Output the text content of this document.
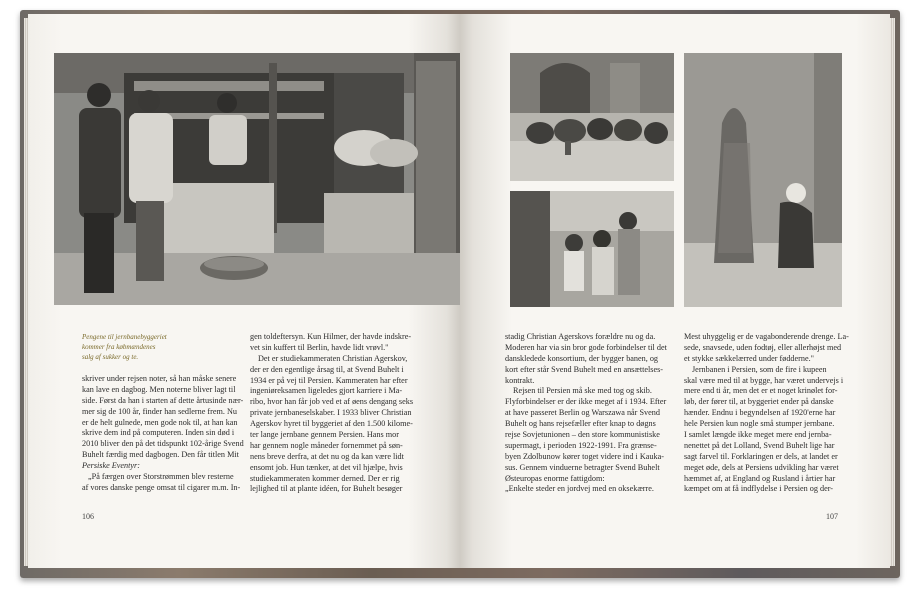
Pengene til jernbanebyggeriet
kommer fra købmændenes
salg af sukker og te.
skriver under rejsen noter, så han måske senere
kan lave en dagbog. Men noterne bliver lagt til
side. Først da han i starten af dette årtusinde nær-
mer sig de 100 år, finder han sedlerne frem. Nu
er de helt gulnede, men gode nok til, at han kan
skrive dem ind på computeren. Inden sin død i
2010 bliver den på det tidspunkt 102-årige Svend
Buhelt færdig med dagbogen. Den får titlen Mit
Persiske Eventyr:
„På færgen over Storstrømmen blev resterne
af vores danske penge omsat til cigarer m.m. In-
gen toldeftersyn. Kun Hilmer, der havde indskre-
vet sin kuffert til Berlin, havde lidt vrøvl."
Det er studiekammeraten Christian Agerskov,
der er den egentlige årsag til, at Svend Buhelt i
1934 er på vej til Persien. Kammeraten har efter
ingeniøreksamen ligeledes gjort karriere i Ma-
ribo, hvor han får job ved et af øens dengang seks
private jernbaneselskaber. I 1933 bliver Christian
Agerskov hyret til byggeriet af den 1.500 kilome-
ter lange jernbane gennem Persien. Hans mor
har gennem nogle måneder fornemmet på søn-
nens breve derfra, at det nu og da kan være lidt
ensomt job. Hun tænker, at det vil hjælpe, hvis
studiekammeraten kommer derned. Der er rig
lejlighed til at plante idéen, for Buhelt besøger
106
stadig Christian Agerskovs forældre nu og da.
Moderen har via sin bror gode forbindelser til det
danskledede konsortium, der bygger banen, og
kort efter står Svend Buhelt med en ansættelses-
kontrakt.
Rejsen til Persien må ske med tog og skib.
Flyforbindelser er der ikke meget af i 1934. Efter
at have passeret Berlin og Warszawa når Svend
Buhelt og hans rejsefæller efter knap to døgns
rejse Sovjetunionen – den store kommunistiske
supermagt, i perioden 1922-1991. Fra grænse-
byen Zdolbunow kører toget videre ind i Kauka-
sus. Gennem vinduerne betragter Svend Buhelt
Østeuropas enorme fattigdom:
„Enkelte steder en jordvej med en oksekærre.
Mest uhyggelig er de vagabonderende drenge. La-
sede, snavsede, uden fodtøj, eller allerhøjst med
et stykke sækkelærred under fødderne."
Jernbanen i Persien, som de fire i kupeen
skal være med til at bygge, har været undervejs i
mere end ti år, men det er et noget krinølet for-
løb, der fører til, at byggeriet ender på danske
hænder. Endnu i begyndelsen af 1920'erne har
hele Persien kun nogle små stumper jernbane.
I samlet længde ikke meget mere end jernba-
nenettet på det Lolland, Svend Buhelt lige har
sagt farvel til. Forklaringen er dels, at landet er
meget øde, dels at Persiens udvikling har været
hæmmet af, at England og Rusland i årtier har
kæmpet om at få indflydelse i Persien og der-
107
